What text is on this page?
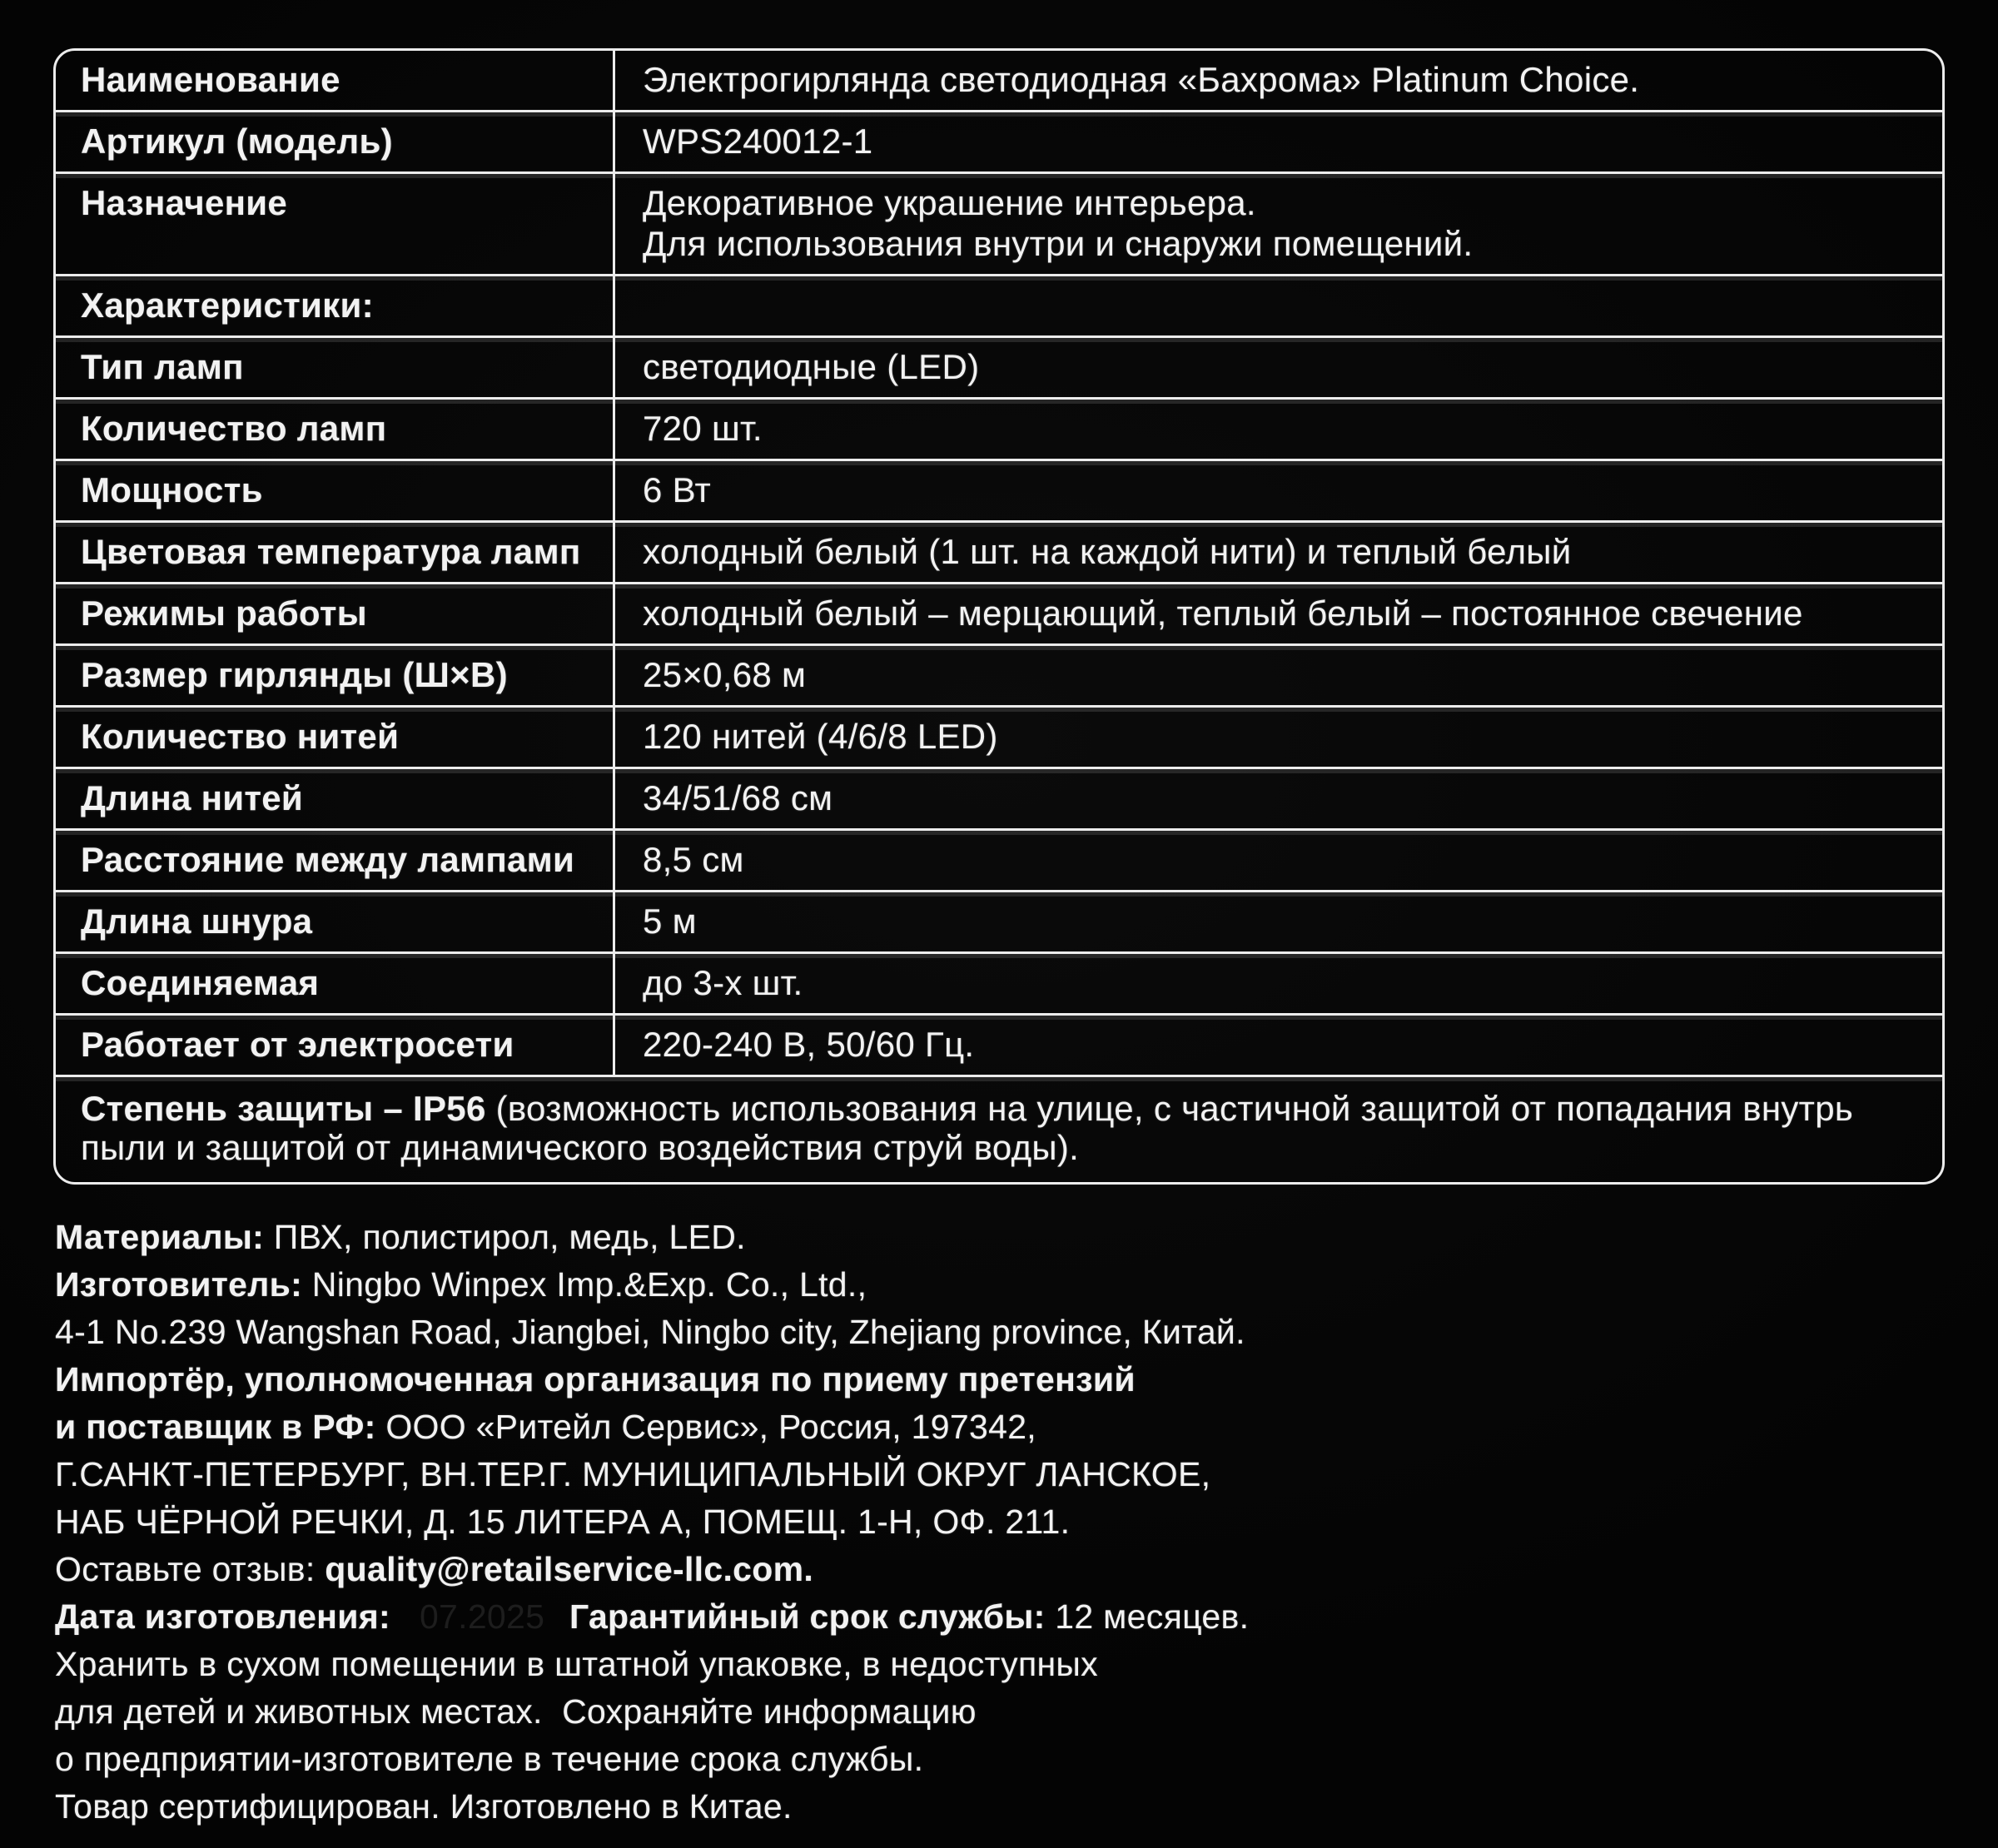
Наименование	Электрогирлянда светодиодная «Бахрома» Platinum Choice.
Артикул (модель)	WPS240012-1
Назначение	Декоративное украшение интерьера.
Для использования внутри и снаружи помещений.
Характеристики:
Тип ламп	светодиодные (LED)
Количество ламп	720 шт.
Мощность	6 Вт
Цветовая температура ламп	холодный белый (1 шт. на каждой нити) и теплый белый
Режимы работы	холодный белый – мерцающий, теплый белый – постоянное свечение
Размер гирлянды (Ш×В)	25×0,68 м
Количество нитей	120 нитей (4/6/8 LED)
Длина нитей	34/51/68 см
Расстояние между лампами	8,5 см
Длина шнура	5 м
Соединяемая	до 3-х шт.
Работает от электросети	220-240 В, 50/60 Гц.
Степень защиты – IP56 (возможность использования на улице, с частичной защитой от попадания внутрь пыли и защитой от динамического воздействия струй воды).
Материалы: ПВХ, полистирол, медь, LED.
Изготовитель: Ningbo Winpex Imp.&Exp. Co., Ltd.,
4-1 No.239 Wangshan Road, Jiangbei, Ningbo city, Zhejiang province, Китай.
Импортёр, уполномоченная организация по приему претензий
и поставщик в РФ: ООО «Ритейл Сервис», Россия, 197342,
Г.САНКТ-ПЕТЕРБУРГ, ВН.ТЕР.Г. МУНИЦИПАЛЬНЫЙ ОКРУГ ЛАНСКОЕ,
НАБ ЧЁРНОЙ РЕЧКИ, Д. 15 ЛИТЕРА А, ПОМЕЩ. 1-Н, ОФ. 211.
Оставьте отзыв: quality@retailservice-llc.com.
Дата изготовления: 07.2025 Гарантийный срок службы: 12 месяцев.
Хранить в сухом помещении в штатной упаковке, в недоступных
для детей и животных местах.  Сохраняйте информацию
о предприятии-изготовителе в течение срока службы.
Товар сертифицирован. Изготовлено в Китае.
